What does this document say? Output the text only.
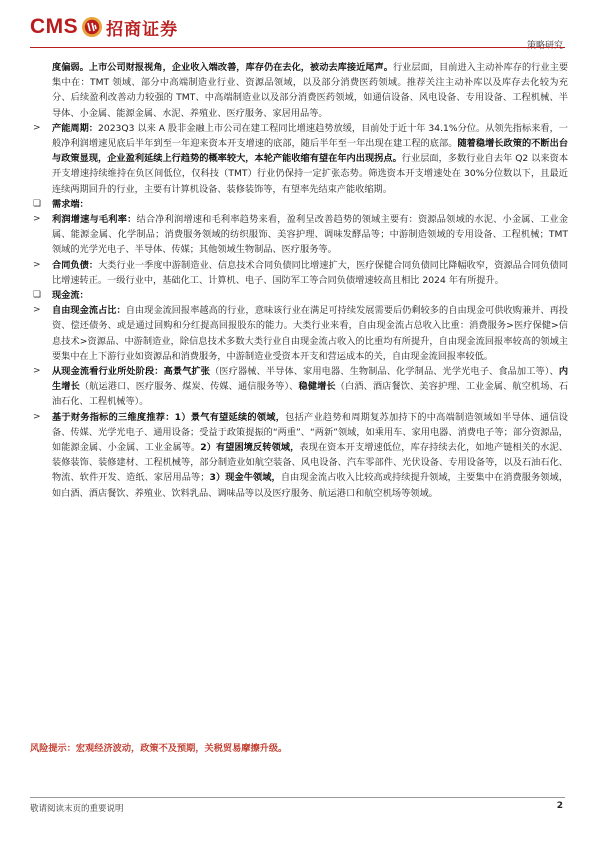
CMS 招商证券
策略研究

度偏弱。上市公司财报视角，企业收入端改善，库存仍在去化，被动去库接近尾声。行业层面，目前进入主动补库存的行业主要集中在：TMT 领域、部分中高端制造业行业、资源品领域，以及部分消费医药领域。推荐关注主动补库以及库存去化较为充分、后续盈利改善动力较强的 TMT、中高端制造业以及部分消费医药领域，如通信设备、风电设备、专用设备、工程机械、半导体、小金属、能源金属、水泥、养殖业、医疗服务、家居用品等。

> 产能周期：2023Q3 以来 A 股非金融上市公司在建工程同比增速趋势放缓，目前处于近十年 34.1%分位。从领先指标来看，一般净利润增速见底后半年到至一年迎来资本开支增速的底部，随后半年至一年出现在建工程的底部。随着稳增长政策的不断出台与政策显现，企业盈利延续上行趋势的概率较大，本轮产能收缩有望在年内出现拐点。行业层面，多数行业自去年 Q2 以来资本开支增速持续维持在负区间低位，仅科技（TMT）行业仍保持一定扩张态势。筛选资本开支增速处在 30%分位数以下，且最近连续两期回升的行业，主要有计算机设备、装修装饰等，有望率先结束产能收缩期。

❏ 需求端：

> 利润增速与毛利率：结合净利润增速和毛利率趋势来看，盈利呈改善趋势的领域主要有：资源品领域的水泥、小金属、工业金属、能源金属、化学制品；消费服务领域的纺织服饰、美容护理、调味发酵品等；中游制造领域的专用设备、工程机械；TMT 领域的光学光电子、半导体、传媒；其他领域生物制品、医疗服务等。

> 合同负债：大类行业一季度中游制造业、信息技术合同负债同比增速扩大，医疗保健合同负债同比降幅收窄，资源品合同负债同比增速转正。一级行业中，基础化工、计算机、电子、国防军工等合同负债增速较高且相比 2024 年有所提升。

❏ 现金流：

> 自由现金流占比：自由现金流回报率越高的行业，意味该行业在满足可持续发展需要后仍剩较多的自由现金可供收购兼并、再投资、偿还债务、或是通过回购和分红提高回报股东的能力。大类行业来看，自由现金流占总收入比重：消费服务>医疗保健>信息技术>资源品、中游制造业，除信息技术多数大类行业自由现金流占收入的比重均有所提升，自由现金流回报率较高的领域主要集中在上下游行业如资源品和消费服务，中游制造业受资本开支和营运成本的关，自由现金流回报率较低。

> 从现金流看行业所处阶段：高景气扩张（医疗器械、半导体、家用电器、生物制品、化学制品、光学光电子、食品加工等）、内生增长（航运港口、医疗服务、煤炭、传媒、通信服务等）、稳健增长（白酒、酒店餐饮、美容护理、工业金属、航空机场、石油石化、工程机械等）。

> 基于财务指标的三维度推荐：1）景气有望延续的领域，包括产业趋势和周期复苏加持下的中高端制造领域如半导体、通信设备、传媒、光学光电子、通用设备；受益于政策提振的“两重”、“两新”领域，如乘用车、家用电器、消费电子等；部分资源品，如能源金属、小金属、工业金属等。2）有望困境反转领域，表现在资本开支增速低位，库存持续去化，如地产链相关的水泥、装修装饰、装修建材、工程机械等，部分制造业如航空装备、风电设备、汽车零部件、光伏设备、专用设备等，以及石油石化、物流、软件开发、造纸、家居用品等；3）现金牛领域，自由现金流占收入比较高或持续提升领域，主要集中在消费服务领域，如白酒、酒店餐饮、养殖业、饮料乳品、调味品等以及医疗服务、航运港口和航空机场等领域。

风险提示：宏观经济波动，政策不及预期，关税贸易摩擦升级。
敬请阅读末页的重要说明	2
